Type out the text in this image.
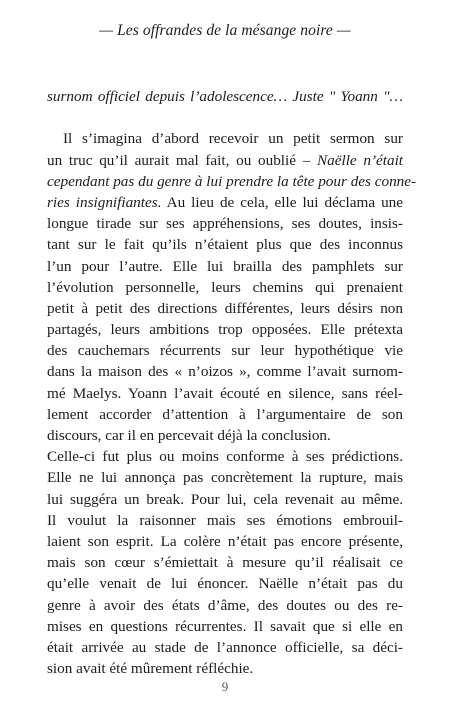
— Les offrandes de la mésange noire —
surnom officiel depuis l’adolescence… Juste " Yoann "…
Il s’imagina d’abord recevoir un petit sermon sur
un truc qu’il aurait mal fait, ou oublié – Naëlle n’était
cependant pas du genre à lui prendre la tête pour des conne-
ries insignifiantes. Au lieu de cela, elle lui déclama une
longue tirade sur ses appréhensions, ses doutes, insis-
tant sur le fait qu’ils n’étaient plus que des inconnus
l’un pour l’autre. Elle lui brailla des pamphlets sur
l’évolution personnelle, leurs chemins qui prenaient
petit à petit des directions différentes, leurs désirs non
partagés, leurs ambitions trop opposées. Elle prétexta
des cauchemars récurrents sur leur hypothétique vie
dans la maison des « n’oizos », comme l’avait surnom-
mé Maelys. Yoann l’avait écouté en silence, sans réel-
lement accorder d’attention à l’argumentaire de son
discours, car il en percevait déjà la conclusion.
Celle-ci fut plus ou moins conforme à ses prédictions.
Elle ne lui annonça pas concrètement la rupture, mais
lui suggéra un break. Pour lui, cela revenait au même.
Il voulut la raisonner mais ses émotions embrouil-
laient son esprit. La colère n’était pas encore présente,
mais son cœur s’émiettait à mesure qu’il réalisait ce
qu’elle venait de lui énoncer. Naëlle n’était pas du
genre à avoir des états d’âme, des doutes ou des re-
mises en questions récurrentes. Il savait que si elle en
était arrivée au stade de l’annonce officielle, sa déci-
sion avait été mûrement réfléchie.
9
